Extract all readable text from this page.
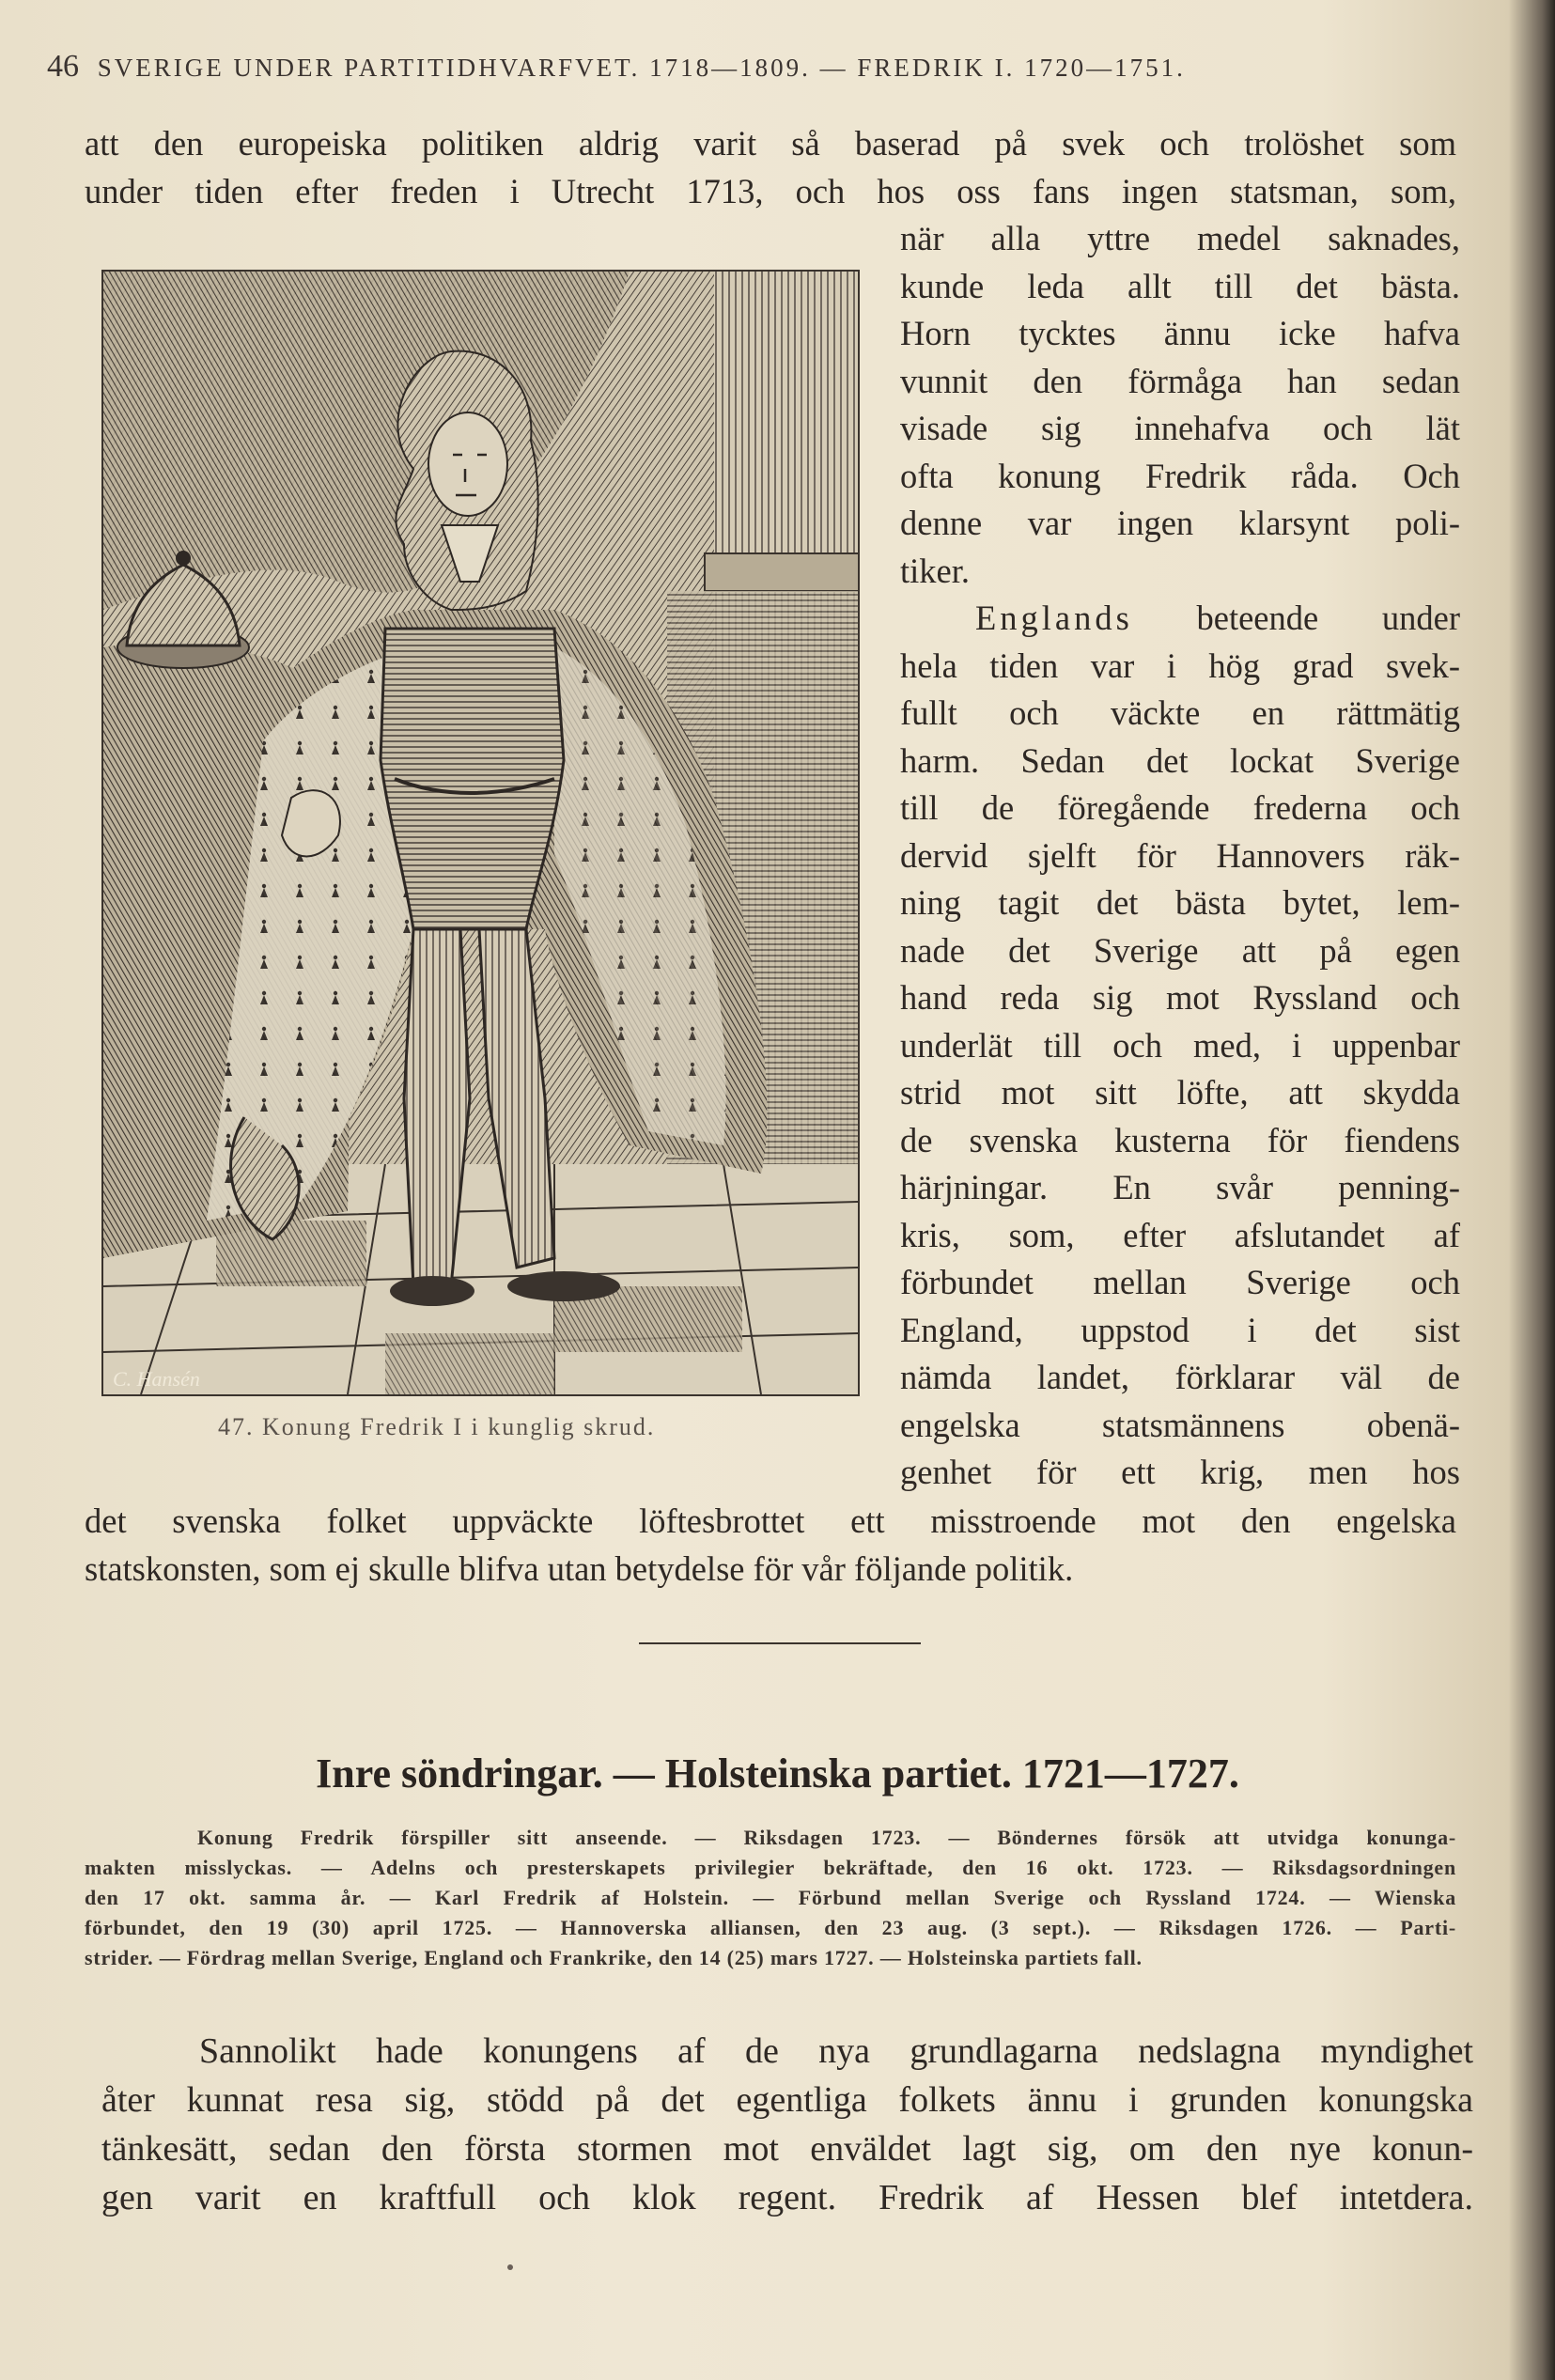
46 SVERIGE UNDER PARTITIDHVARFVET. 1718—1809. — FREDRIK I. 1720—1751.
att den europeiska politiken aldrig varit så baserad på svek och trolöshet som
under tiden efter freden i Utrecht 1713, och hos oss fans ingen statsman, som,
när alla yttre medel saknades,
kunde leda allt till det bästa.
Horn tycktes ännu icke hafva
vunnit den förmåga han sedan
visade sig innehafva och lät
ofta konung Fredrik råda. Och
denne var ingen klarsynt poli-
tiker.
Englands beteende under
hela tiden var i hög grad svek-
fullt och väckte en rättmätig
harm. Sedan det lockat Sverige
till de föregående frederna och
dervid sjelft för Hannovers räk-
ning tagit det bästa bytet, lem-
nade det Sverige att på egen
hand reda sig mot Ryssland och
underlät till och med, i uppenbar
strid mot sitt löfte, att skydda
de svenska kusterna för fiendens
härjningar. En svår penning-
kris, som, efter afslutandet af
förbundet mellan Sverige och
England, uppstod i det sist
nämda landet, förklarar väl de
engelska statsmännens obenä-
genhet för ett krig, men hos
det svenska folket uppväckte löftesbrottet ett misstroende mot den engelska
statskonsten, som ej skulle blifva utan betydelse för vår följande politik.
C. Hansén
47. Konung Fredrik I i kunglig skrud.
Inre söndringar. — Holsteinska partiet. 1721—1727.
Konung Fredrik förspiller sitt anseende. — Riksdagen 1723. — Böndernes försök att utvidga konunga-
makten misslyckas. — Adelns och presterskapets privilegier bekräftade, den 16 okt. 1723. — Riksdagsordningen
den 17 okt. samma år. — Karl Fredrik af Holstein. — Förbund mellan Sverige och Ryssland 1724. — Wienska
förbundet, den 19 (30) april 1725. — Hannoverska alliansen, den 23 aug. (3 sept.). — Riksdagen 1726. — Parti-
strider. — Fördrag mellan Sverige, England och Frankrike, den 14 (25) mars 1727. — Holsteinska partiets fall.
Sannolikt hade konungens af de nya grundlagarna nedslagna myndighet
åter kunnat resa sig, stödd på det egentliga folkets ännu i grunden konungska
tänkesätt, sedan den första stormen mot enväldet lagt sig, om den nye konun-
gen varit en kraftfull och klok regent. Fredrik af Hessen blef intetdera.
